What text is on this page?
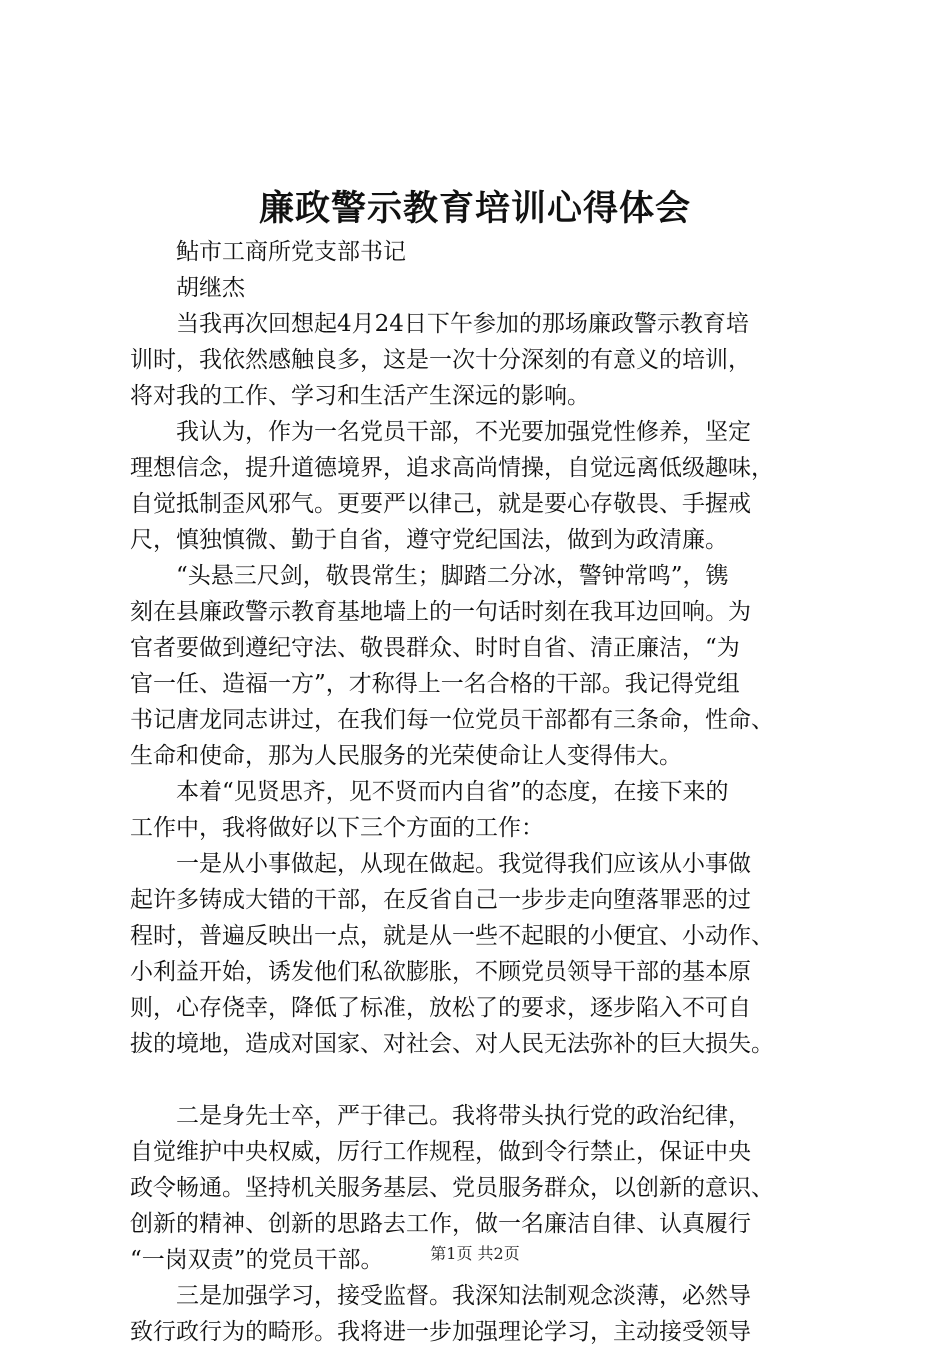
廉政警示教育培训心得体会
鲇市工商所党支部书记
胡继杰
当我再次回想起4月24日下午参加的那场廉政警示教育培
训时，我依然感触良多，这是一次十分深刻的有意义的培训，
将对我的工作、学习和生活产生深远的影响。
我认为，作为一名党员干部，不光要加强党性修养，坚定
理想信念，提升道德境界，追求高尚情操，自觉远离低级趣味，
自觉抵制歪风邪气。更要严以律己，就是要心存敬畏、手握戒
尺，慎独慎微、勤于自省，遵守党纪国法，做到为政清廉。
“头悬三尺剑，敬畏常生；脚踏二分冰，警钟常鸣”，镌
刻在县廉政警示教育基地墙上的一句话时刻在我耳边回响。为
官者要做到遵纪守法、敬畏群众、时时自省、清正廉洁，“为
官一任、造福一方”，才称得上一名合格的干部。我记得党组
书记唐龙同志讲过，在我们每一位党员干部都有三条命，性命、
生命和使命，那为人民服务的光荣使命让人变得伟大。
本着“见贤思齐，见不贤而内自省”的态度，在接下来的
工作中，我将做好以下三个方面的工作：
一是从小事做起，从现在做起。我觉得我们应该从小事做
起许多铸成大错的干部，在反省自己一步步走向堕落罪恶的过
程时，普遍反映出一点，就是从一些不起眼的小便宜、小动作、
小利益开始，诱发他们私欲膨胀，不顾党员领导干部的基本原
则，心存侥幸，降低了标准，放松了的要求，逐步陷入不可自
拔的境地，造成对国家、对社会、对人民无法弥补的巨大损失。
二是身先士卒，严于律己。我将带头执行党的政治纪律，
自觉维护中央权威，厉行工作规程，做到令行禁止，保证中央
政令畅通。坚持机关服务基层、党员服务群众，以创新的意识、
创新的精神、创新的思路去工作，做一名廉洁自律、认真履行
“一岗双责”的党员干部。
三是加强学习，接受监督。我深知法制观念淡薄，必然导
致行政行为的畸形。我将进一步加强理论学习，主动接受领导
第1页 共2页
